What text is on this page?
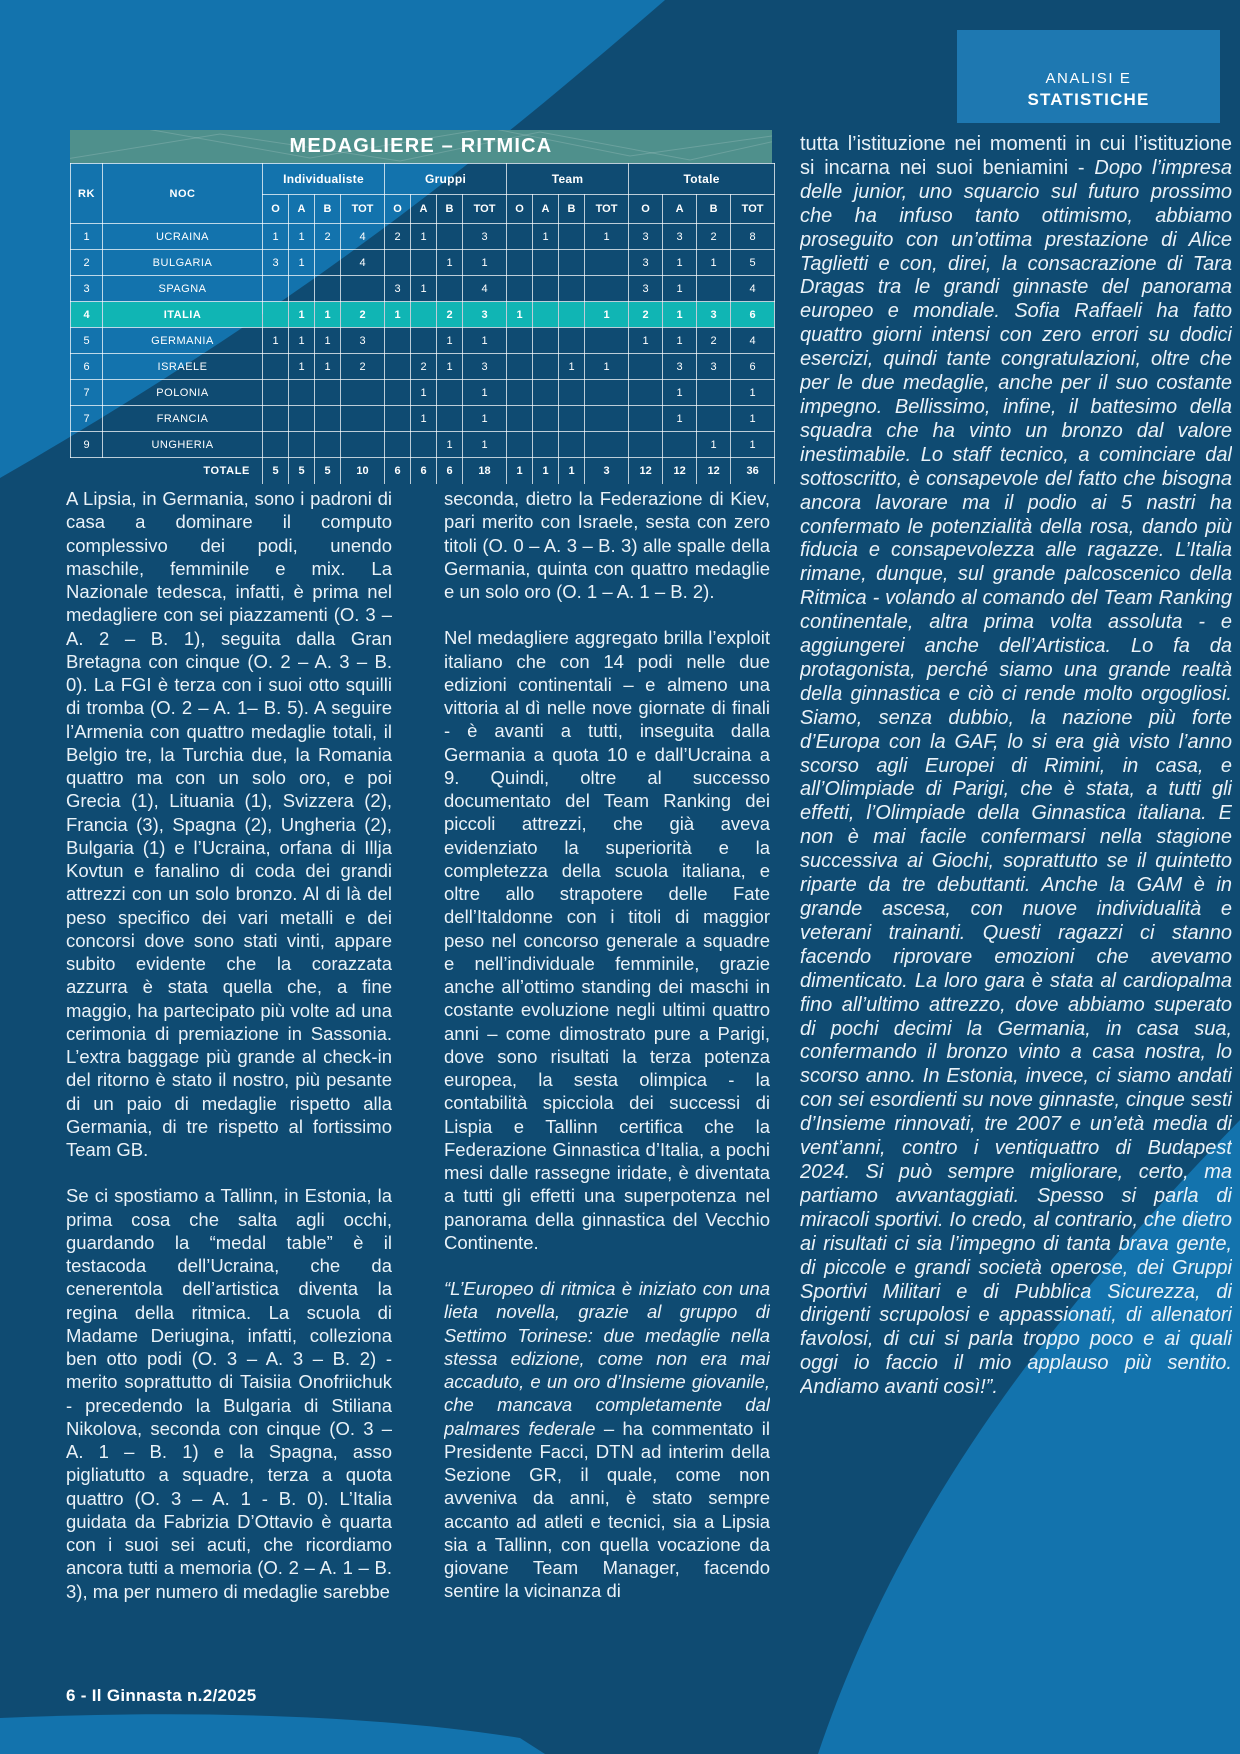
ANALISI E
STATISTICHE
MEDAGLIERE – RITMICA
RK	NOC	Individualiste				Gruppi				Team				Totale			
		O	A	B	TOT	O	A	B	TOT	O	A	B	TOT	O	A	B	TOT
1	UCRAINA	1	1	2	4	2	1		3		1		1	3	3	2	8
2	BULGARIA	3	1		4			1	1					3	1	1	5
3	SPAGNA					3	1		4					3	1		4
4	ITALIA		1	1	2	1		2	3	1			1	2	1	3	6
5	GERMANIA	1	1	1	3			1	1					1	1	2	4
6	ISRAELE		1	1	2		2	1	3			1	1		3	3	6
7	POLONIA						1		1						1		1
7	FRANCIA						1		1						1		1
9	UNGHERIA							1	1							1	1
TOTALE		5	5	5	10	6	6	6	18	1	1	1	3	12	12	12	36

A Lipsia, in Germania, sono i padroni di casa a dominare il computo complessivo dei podi, unendo maschile, femminile e mix. La Nazionale tedesca, infatti, è prima nel medagliere con sei piazzamenti (O. 3 – A. 2 – B. 1), seguita dalla Gran Bretagna con cinque (O. 2 – A. 3 – B. 0). La FGI è terza con i suoi otto squilli di tromba (O. 2 – A. 1– B. 5). A seguire l’Armenia con quattro medaglie totali, il Belgio tre, la Turchia due, la Romania quattro ma con un solo oro, e poi Grecia (1), Lituania (1), Svizzera (2), Francia (3), Spagna (2), Ungheria (2), Bulgaria (1) e l’Ucraina, orfana di Illja Kovtun e fanalino di coda dei grandi attrezzi con un solo bronzo. Al di là del peso specifico dei vari metalli e dei concorsi dove sono stati vinti, appare subito evidente che la corazzata azzurra è stata quella che, a fine maggio, ha partecipato più volte ad una cerimonia di premiazione in Sassonia. L’extra baggage più grande al check-in del ritorno è stato il nostro, più pesante di un paio di medaglie rispetto alla Germania, di tre rispetto al fortissimo Team GB.

Se ci spostiamo a Tallinn, in Estonia, la prima cosa che salta agli occhi, guardando la “medal table” è il testacoda dell’Ucraina, che da cenerentola dell’artistica diventa la regina della ritmica. La scuola di Madame Deriugina, infatti, colleziona ben otto podi (O. 3 – A. 3 – B. 2) - merito soprattutto di Taisiia Onofriichuk - precedendo la Bulgaria di Stiliana Nikolova, seconda con cinque (O. 3 – A. 1 – B. 1) e la Spagna, asso pigliatutto a squadre, terza a quota quattro (O. 3 – A. 1 - B. 0). L’Italia guidata da Fabrizia D’Ottavio è quarta con i suoi sei acuti, che ricordiamo ancora tutti a memoria (O. 2 – A. 1 – B. 3), ma per numero di medaglie sarebbe

seconda, dietro la Federazione di Kiev, pari merito con Israele, sesta con zero titoli (O. 0 – A. 3 – B. 3) alle spalle della Germania, quinta con quattro medaglie e un solo oro (O. 1 – A. 1 – B. 2).

Nel medagliere aggregato brilla l’exploit italiano che con 14 podi nelle due edizioni continentali – e almeno una vittoria al dì nelle nove giornate di finali - è avanti a tutti, inseguita dalla Germania a quota 10 e dall’Ucraina a 9. Quindi, oltre al successo documentato del Team Ranking dei piccoli attrezzi, che già aveva evidenziato la superiorità e la completezza della scuola italiana, e oltre allo strapotere delle Fate dell’Italdonne con i titoli di maggior peso nel concorso generale a squadre e nell’individuale femminile, grazie anche all’ottimo standing dei maschi in costante evoluzione negli ultimi quattro anni – come dimostrato pure a Parigi, dove sono risultati la terza potenza europea, la sesta olimpica - la contabilità spicciola dei successi di Lispia e Tallinn certifica che la Federazione Ginnastica d’Italia, a pochi mesi dalle rassegne iridate, è diventata a tutti gli effetti una superpotenza nel panorama della ginnastica del Vecchio Continente.

“L’Europeo di ritmica è iniziato con una lieta novella, grazie al gruppo di Settimo Torinese: due medaglie nella stessa edizione, come non era mai accaduto, e un oro d’Insieme giovanile, che mancava completamente dal palmares federale – ha commentato il Presidente Facci, DTN ad interim della Sezione GR, il quale, come non avveniva da anni, è stato sempre accanto ad atleti e tecnici, sia a Lipsia sia a Tallinn, con quella vocazione da giovane Team Manager, facendo sentire la vicinanza di

tutta l’istituzione nei momenti in cui l’istituzione si incarna nei suoi beniamini - Dopo l’impresa delle junior, uno squarcio sul futuro prossimo che ha infuso tanto ottimismo, abbiamo proseguito con un’ottima prestazione di Alice Taglietti e con, direi, la consacrazione di Tara Dragas tra le grandi ginnaste del panorama europeo e mondiale. Sofia Raffaeli ha fatto quattro giorni intensi con zero errori su dodici esercizi, quindi tante congratulazioni, oltre che per le due medaglie, anche per il suo costante impegno. Bellissimo, infine, il battesimo della squadra che ha vinto un bronzo dal valore inestimabile. Lo staff tecnico, a cominciare dal sottoscritto, è consapevole del fatto che bisogna ancora lavorare ma il podio ai 5 nastri ha confermato le potenzialità della rosa, dando più fiducia e consapevolezza alle ragazze. L’Italia rimane, dunque, sul grande palcoscenico della Ritmica - volando al comando del Team Ranking continentale, altra prima volta assoluta - e aggiungerei anche dell’Artistica. Lo fa da protagonista, perché siamo una grande realtà della ginnastica e ciò ci rende molto orgogliosi. Siamo, senza dubbio, la nazione più forte d’Europa con la GAF, lo si era già visto l’anno scorso agli Europei di Rimini, in casa, e all’Olimpiade di Parigi, che è stata, a tutti gli effetti, l’Olimpiade della Ginnastica italiana. E non è mai facile confermarsi nella stagione successiva ai Giochi, soprattutto se il quintetto riparte da tre debuttanti. Anche la GAM è in grande ascesa, con nuove individualità e veterani trainanti. Questi ragazzi ci stanno facendo riprovare emozioni che avevamo dimenticato. La loro gara è stata al cardiopalma fino all’ultimo attrezzo, dove abbiamo superato di pochi decimi la Germania, in casa sua, confermando il bronzo vinto a casa nostra, lo scorso anno. In Estonia, invece, ci siamo andati con sei esordienti su nove ginnaste, cinque sesti d’Insieme rinnovati, tre 2007 e un’età media di vent’anni, contro i ventiquattro di Budapest 2024. Si può sempre migliorare, certo, ma partiamo avvantaggiati. Spesso si parla di miracoli sportivi. Io credo, al contrario, che dietro ai risultati ci sia l’impegno di tanta brava gente, di piccole e grandi società operose, dei Gruppi Sportivi Militari e di Pubblica Sicurezza, di dirigenti scrupolosi e appassionati, di allenatori favolosi, di cui si parla troppo poco e ai quali oggi io faccio il mio applauso più sentito. Andiamo avanti così!”.

6 - Il Ginnasta n.2/2025
